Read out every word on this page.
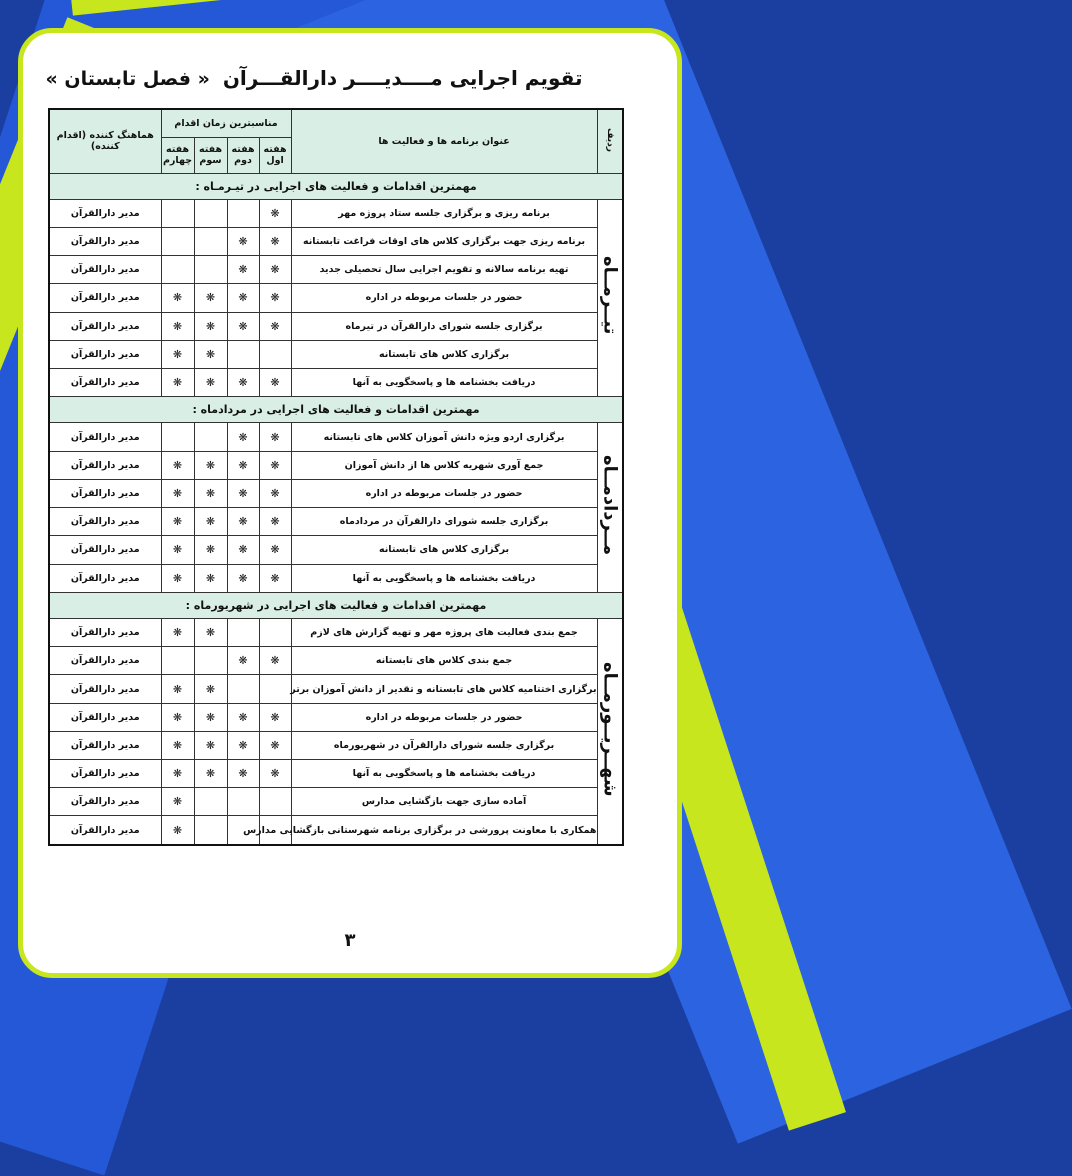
تقویم اجرایی مــــدیــــر دارالقـــرآن « فصل تابستان »
ردیف	عنوان برنامه ها و فعالیت ها	مناسبترین زمان اقدام				هماهنگ کننده (اقدام کننده)
		هفته اول	هفته دوم	هفته سوم	هفته چهارم	
مهمترین اقدامات و فعالیت های اجرایی در تیـرمـاه :						
تیــرمــاه	برنامه ریزی و برگزاری جلسه ستاد پروژه مهر	❋				مدیر دارالقرآن
	برنامه ریزی جهت برگزاری کلاس های اوقات فراغت تابستانه	❋	❋			مدیر دارالقرآن
	تهیه برنامه سالانه و تقویم اجرایی سال تحصیلی جدید	❋	❋			مدیر دارالقرآن
	حضور در جلسات مربوطه در اداره	❋	❋	❋	❋	مدیر دارالقرآن
	برگزاری جلسه شورای دارالقرآن در تیرماه	❋	❋	❋	❋	مدیر دارالقرآن
	برگزاری کلاس های تابستانه			❋	❋	مدیر دارالقرآن
	دریافت بخشنامه ها و پاسخگویی به آنها	❋	❋	❋	❋	مدیر دارالقرآن
مهمترین اقدامات و فعالیت های اجرایی در مردادماه :						
مــردادمــاه	برگزاری اردو ویژه دانش آموزان کلاس های تابستانه	❋	❋			مدیر دارالقرآن
	جمع آوری شهریه کلاس ها از دانش آموزان	❋	❋	❋	❋	مدیر دارالقرآن
	حضور در جلسات مربوطه در اداره	❋	❋	❋	❋	مدیر دارالقرآن
	برگزاری جلسه شورای دارالقرآن در مردادماه	❋	❋	❋	❋	مدیر دارالقرآن
	برگزاری کلاس های تابستانه	❋	❋	❋	❋	مدیر دارالقرآن
	دریافت بخشنامه ها و پاسخگویی به آنها	❋	❋	❋	❋	مدیر دارالقرآن
مهمترین اقدامات و فعالیت های اجرایی در شهریورماه :						
شهــریــورمــاه	جمع بندی فعالیت های پروژه مهر و تهیه گزارش های لازم			❋	❋	مدیر دارالقرآن
	جمع بندی کلاس های تابستانه	❋	❋			مدیر دارالقرآن
	برگزاری اختتامیه کلاس های تابستانه و تقدیر از دانش آموزان برتر			❋	❋	مدیر دارالقرآن
	حضور در جلسات مربوطه در اداره	❋	❋	❋	❋	مدیر دارالقرآن
	برگزاری جلسه شورای دارالقرآن در شهریورماه	❋	❋	❋	❋	مدیر دارالقرآن
	دریافت بخشنامه ها و پاسخگویی به آنها	❋	❋	❋	❋	مدیر دارالقرآن
	آماده سازی جهت بازگشایی مدارس				❋	مدیر دارالقرآن
	همکاری با معاونت پرورشی در برگزاری برنامه شهرستانی بازگشایی مدارس				❋	مدیر دارالقرآن
۳
